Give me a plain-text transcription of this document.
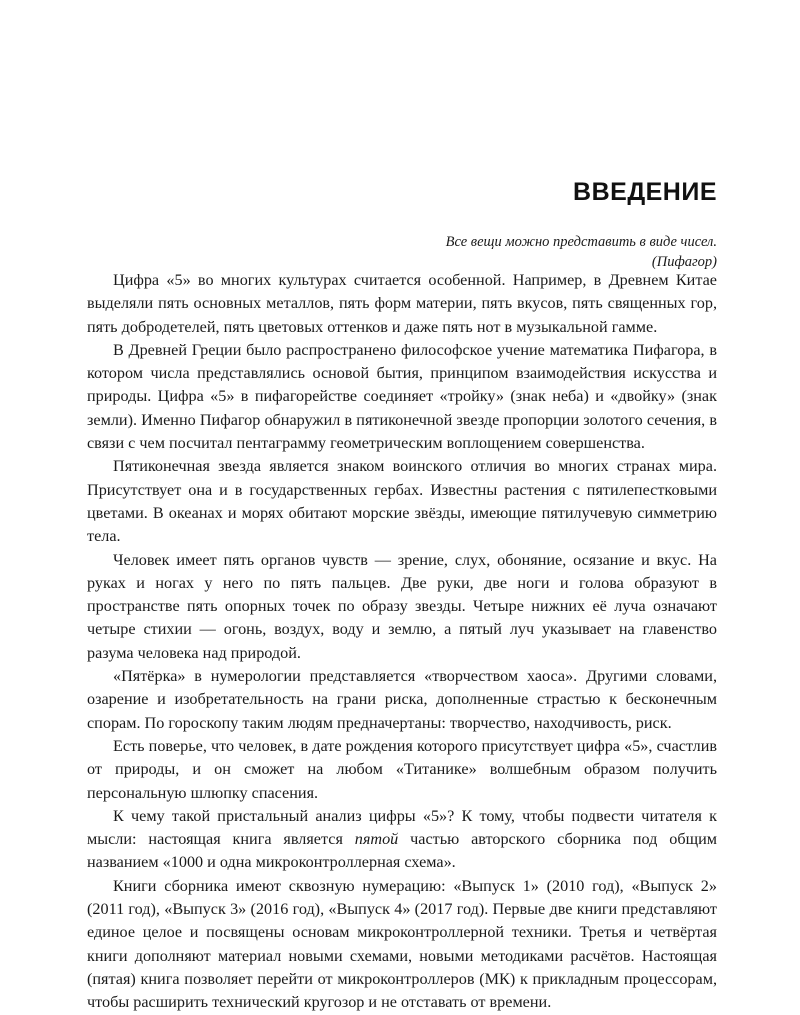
ВВЕДЕНИЕ
Все вещи можно представить в виде чисел.
(Пифагор)

Цифра «5» во многих культурах считается особенной. Например, в Древнем Китае выделяли пять основных металлов, пять форм материи, пять вкусов, пять священных гор, пять добродетелей, пять цветовых оттенков и даже пять нот в музыкальной гамме.

В Древней Греции было распространено философское учение математика Пифагора, в котором числа представлялись основой бытия, принципом взаимодействия искусства и природы. Цифра «5» в пифагорействе соединяет «тройку» (знак неба) и «двойку» (знак земли). Именно Пифагор обнаружил в пятиконечной звезде пропорции золотого сечения, в связи с чем посчитал пентаграмму геометрическим воплощением совершенства.

Пятиконечная звезда является знаком воинского отличия во многих странах мира. Присутствует она и в государственных гербах. Известны растения с пятилепестковыми цветами. В океанах и морях обитают морские звёзды, имеющие пятилучевую симметрию тела.

Человек имеет пять органов чувств — зрение, слух, обоняние, осязание и вкус. На руках и ногах у него по пять пальцев. Две руки, две ноги и голова образуют в пространстве пять опорных точек по образу звезды. Четыре нижних её луча означают четыре стихии — огонь, воздух, воду и землю, а пятый луч указывает на главенство разума человека над природой.

«Пятёрка» в нумерологии представляется «творчеством хаоса». Другими словами, озарение и изобретательность на грани риска, дополненные страстью к бесконечным спорам. По гороскопу таким людям предначертаны: творчество, находчивость, риск.

Есть поверье, что человек, в дате рождения которого присутствует цифра «5», счастлив от природы, и он сможет на любом «Титанике» волшебным образом получить персональную шлюпку спасения.

К чему такой пристальный анализ цифры «5»? К тому, чтобы подвести читателя к мысли: настоящая книга является пятой частью авторского сборника под общим названием «1000 и одна микроконтроллерная схема».

Книги сборника имеют сквозную нумерацию: «Выпуск 1» (2010 год), «Выпуск 2» (2011 год), «Выпуск 3» (2016 год), «Выпуск 4» (2017 год). Первые две книги представляют единое целое и посвящены основам микроконтроллерной техники. Третья и четвёртая книги дополняют материал новыми схемами, новыми методиками расчётов. Настоящая (пятая) книга позволяет перейти от микроконтроллеров (МК) к прикладным процессорам, чтобы расширить технический кругозор и не отставать от времени.
